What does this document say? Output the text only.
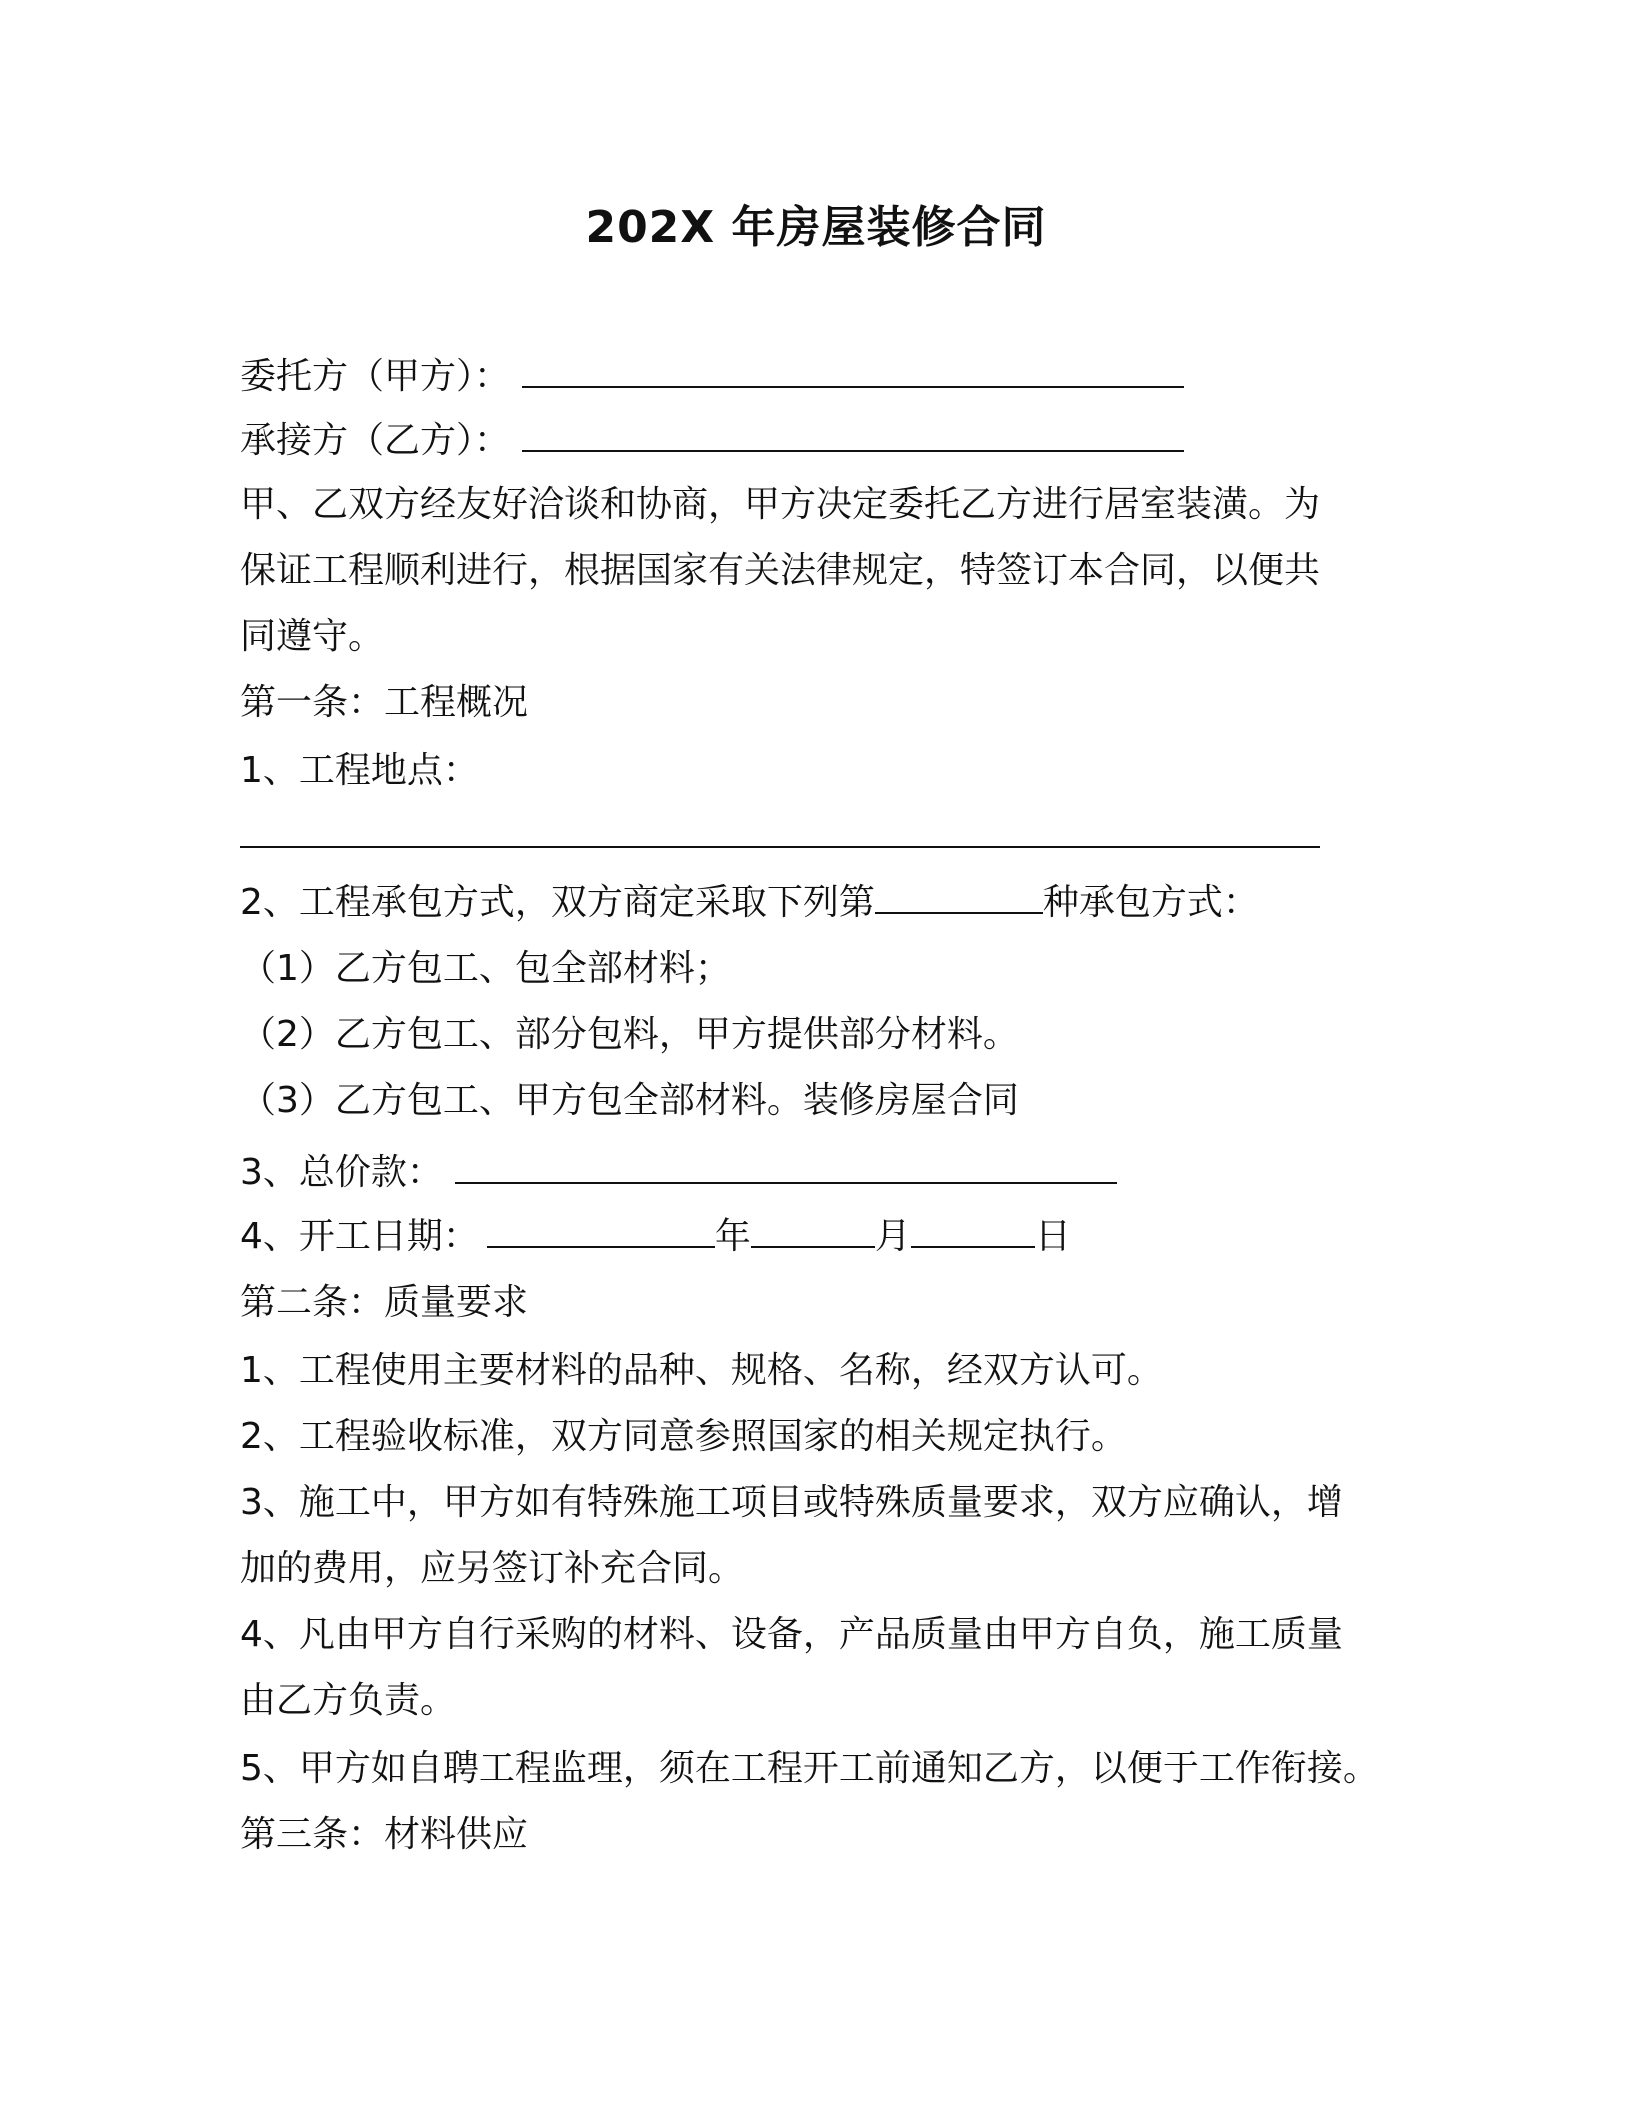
202X 年房屋装修合同
委托方（甲方）：
承接方（乙方）：
甲、乙双方经友好洽谈和协商，甲方决定委托乙方进行居室装潢。为
保证工程顺利进行，根据国家有关法律规定，特签订本合同，以便共
同遵守。
第一条：工程概况
1、工程地点：
2、工程承包方式，双方商定采取下列第	种承包方式：
（1）乙方包工、包全部材料；
（2）乙方包工、部分包料，甲方提供部分材料。
（3）乙方包工、甲方包全部材料。装修房屋合同
3、总价款：
4、开工日期：	年	月	日
第二条：质量要求
1、工程使用主要材料的品种、规格、名称，经双方认可。
2、工程验收标准，双方同意参照国家的相关规定执行。
3、施工中，甲方如有特殊施工项目或特殊质量要求，双方应确认，增
加的费用，应另签订补充合同。
4、凡由甲方自行采购的材料、设备，产品质量由甲方自负，施工质量
由乙方负责。
5、甲方如自聘工程监理，须在工程开工前通知乙方，以便于工作衔接。
第三条：材料供应
